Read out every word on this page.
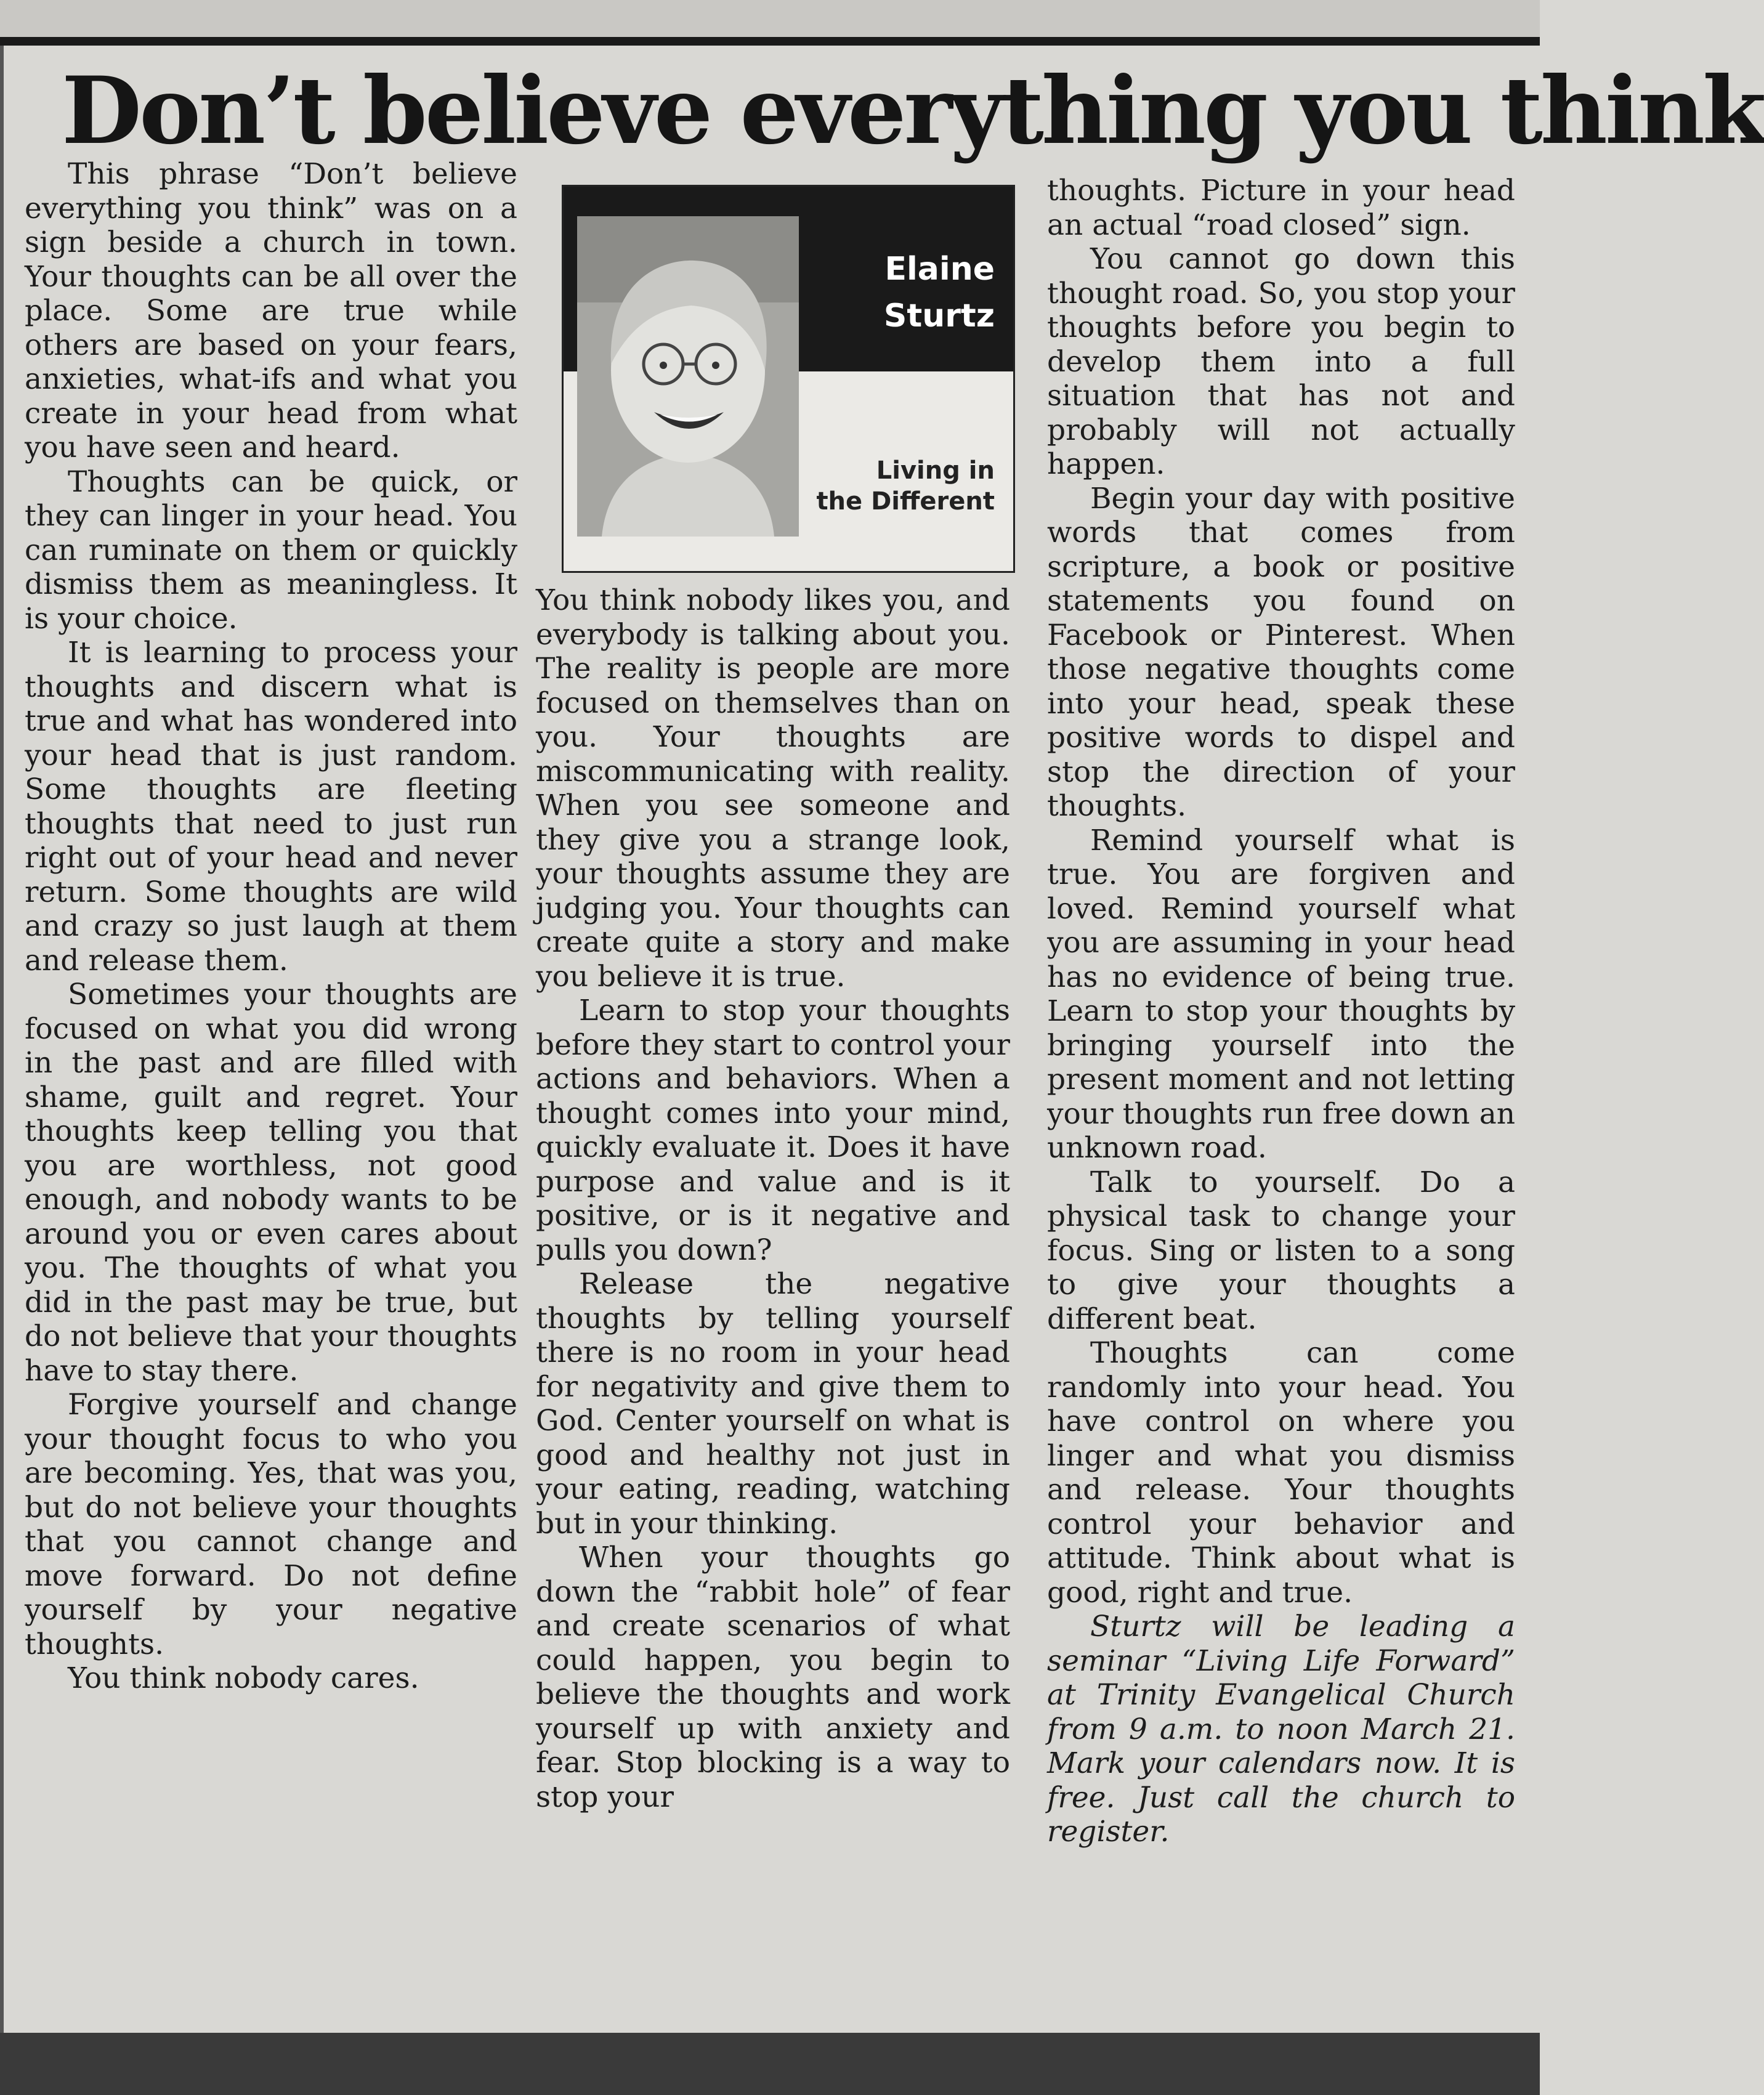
Don’t believe everything you think

This phrase “Don’t believe everything you think” was on a sign beside a church in town. Your thoughts can be all over the place. Some are true while others are based on your fears, anxieties, what-ifs and what you create in your head from what you have seen and heard.

Thoughts can be quick, or they can linger in your head. You can ruminate on them or quickly dismiss them as meaningless. It is your choice.

It is learning to process your thoughts and discern what is true and what has wondered into your head that is just random. Some thoughts are fleeting thoughts that need to just run right out of your head and never return. Some thoughts are wild and crazy so just laugh at them and release them.

Sometimes your thoughts are focused on what you did wrong in the past and are filled with shame, guilt and regret. Your thoughts keep telling you that you are worthless, not good enough, and nobody wants to be around you or even cares about you. The thoughts of what you did in the past may be true, but do not believe that your thoughts have to stay there.

Forgive yourself and change your thought focus to who you are becoming. Yes, that was you, but do not believe your thoughts that you cannot change and move forward. Do not define yourself by your negative thoughts.

You think nobody cares.

Elaine
Sturtz
Living in
the Different

You think nobody likes you, and everybody is talking about you. The reality is people are more focused on themselves than on you. Your thoughts are miscommunicating with reality. When you see someone and they give you a strange look, your thoughts assume they are judging you. Your thoughts can create quite a story and make you believe it is true.

Learn to stop your thoughts before they start to control your actions and behaviors. When a thought comes into your mind, quickly evaluate it. Does it have purpose and value and is it positive, or is it negative and pulls you down?

Release the negative thoughts by telling yourself there is no room in your head for negativity and give them to God. Center yourself on what is good and healthy not just in your eating, reading, watching but in your thinking.

When your thoughts go down the “rabbit hole” of fear and create scenarios of what could happen, you begin to believe the thoughts and work yourself up with anxiety and fear. Stop blocking is a way to stop your

thoughts. Picture in your head an actual “road closed” sign.

You cannot go down this thought road. So, you stop your thoughts before you begin to develop them into a full situation that has not and probably will not actually happen.

Begin your day with positive words that comes from scripture, a book or positive statements you found on Facebook or Pinterest. When those negative thoughts come into your head, speak these positive words to dispel and stop the direction of your thoughts.

Remind yourself what is true. You are forgiven and loved. Remind yourself what you are assuming in your head has no evidence of being true. Learn to stop your thoughts by bringing yourself into the present moment and not letting your thoughts run free down an unknown road.

Talk to yourself. Do a physical task to change your focus. Sing or listen to a song to give your thoughts a different beat.

Thoughts can come randomly into your head. You have control on where you linger and what you dismiss and release. Your thoughts control your behavior and attitude. Think about what is good, right and true.

Sturtz will be leading a seminar “Living Life Forward” at Trinity Evangelical Church from 9 a.m. to noon March 21. Mark your calendars now. It is free. Just call the church to register.
